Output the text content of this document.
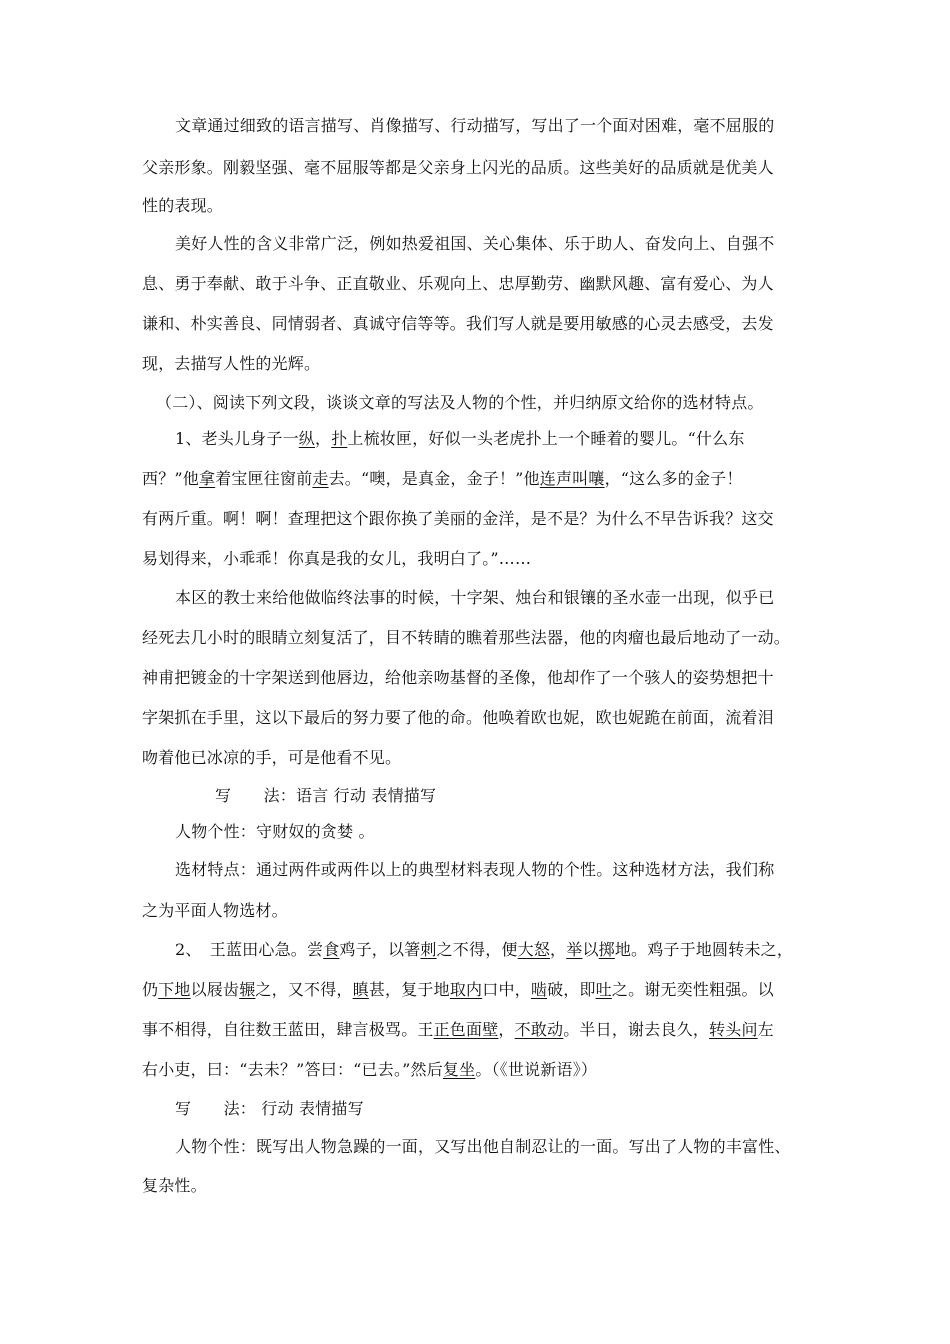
文章通过细致的语言描写、肖像描写、行动描写，写出了一个面对困难，毫不屈服的
父亲形象。刚毅坚强、毫不屈服等都是父亲身上闪光的品质。这些美好的品质就是优美人
性的表现。
美好人性的含义非常广泛，例如热爱祖国、关心集体、乐于助人、奋发向上、自强不
息、勇于奉献、敢于斗争、正直敬业、乐观向上、忠厚勤劳、幽默风趣、富有爱心、为人
谦和、朴实善良、同情弱者、真诚守信等等。我们写人就是要用敏感的心灵去感受，去发
现，去描写人性的光辉。
（二）、阅读下列文段，谈谈文章的写法及人物的个性，并归纳原文给你的选材特点。
1、老头儿身子一纵，扑上梳妆匣，好似一头老虎扑上一个睡着的婴儿。“什么东
西？”他拿着宝匣往窗前走去。“噢，是真金，金子！”他连声叫嚷，“这么多的金子！
有两斤重。啊！啊！查理把这个跟你换了美丽的金洋，是不是？为什么不早告诉我？这交
易划得来，小乖乖！你真是我的女儿，我明白了。”……
本区的教士来给他做临终法事的时候，十字架、烛台和银镶的圣水壶一出现，似乎已
经死去几小时的眼睛立刻复活了，目不转睛的瞧着那些法器，他的肉瘤也最后地动了一动。
神甫把镀金的十字架送到他唇边，给他亲吻基督的圣像，他却作了一个骇人的姿势想把十
字架抓在手里，这以下最后的努力要了他的命。他唤着欧也妮，欧也妮跪在前面，流着泪
吻着他已冰凉的手，可是他看不见。
写　　法：语言 行动 表情描写
人物个性：守财奴的贪婪 。
选材特点：通过两件或两件以上的典型材料表现人物的个性。这种选材方法，我们称
之为平面人物选材。
2、　王蓝田心急。尝食鸡子，以箸刺之不得，便大怒，举以掷地。鸡子于地圆转未之，
仍下地以屐齿辗之，又不得，瞋甚，复于地取内口中，啮破，即吐之。谢无奕性粗强。以
事不相得，自往数王蓝田，肆言极骂。王正色面壁，不敢动。半日，谢去良久，转头问左
右小吏，曰：“去未？”答曰：“已去。”然后复坐。（《世说新语》）
写　　法： 行动 表情描写
人物个性：既写出人物急躁的一面，又写出他自制忍让的一面。写出了人物的丰富性、
复杂性。
